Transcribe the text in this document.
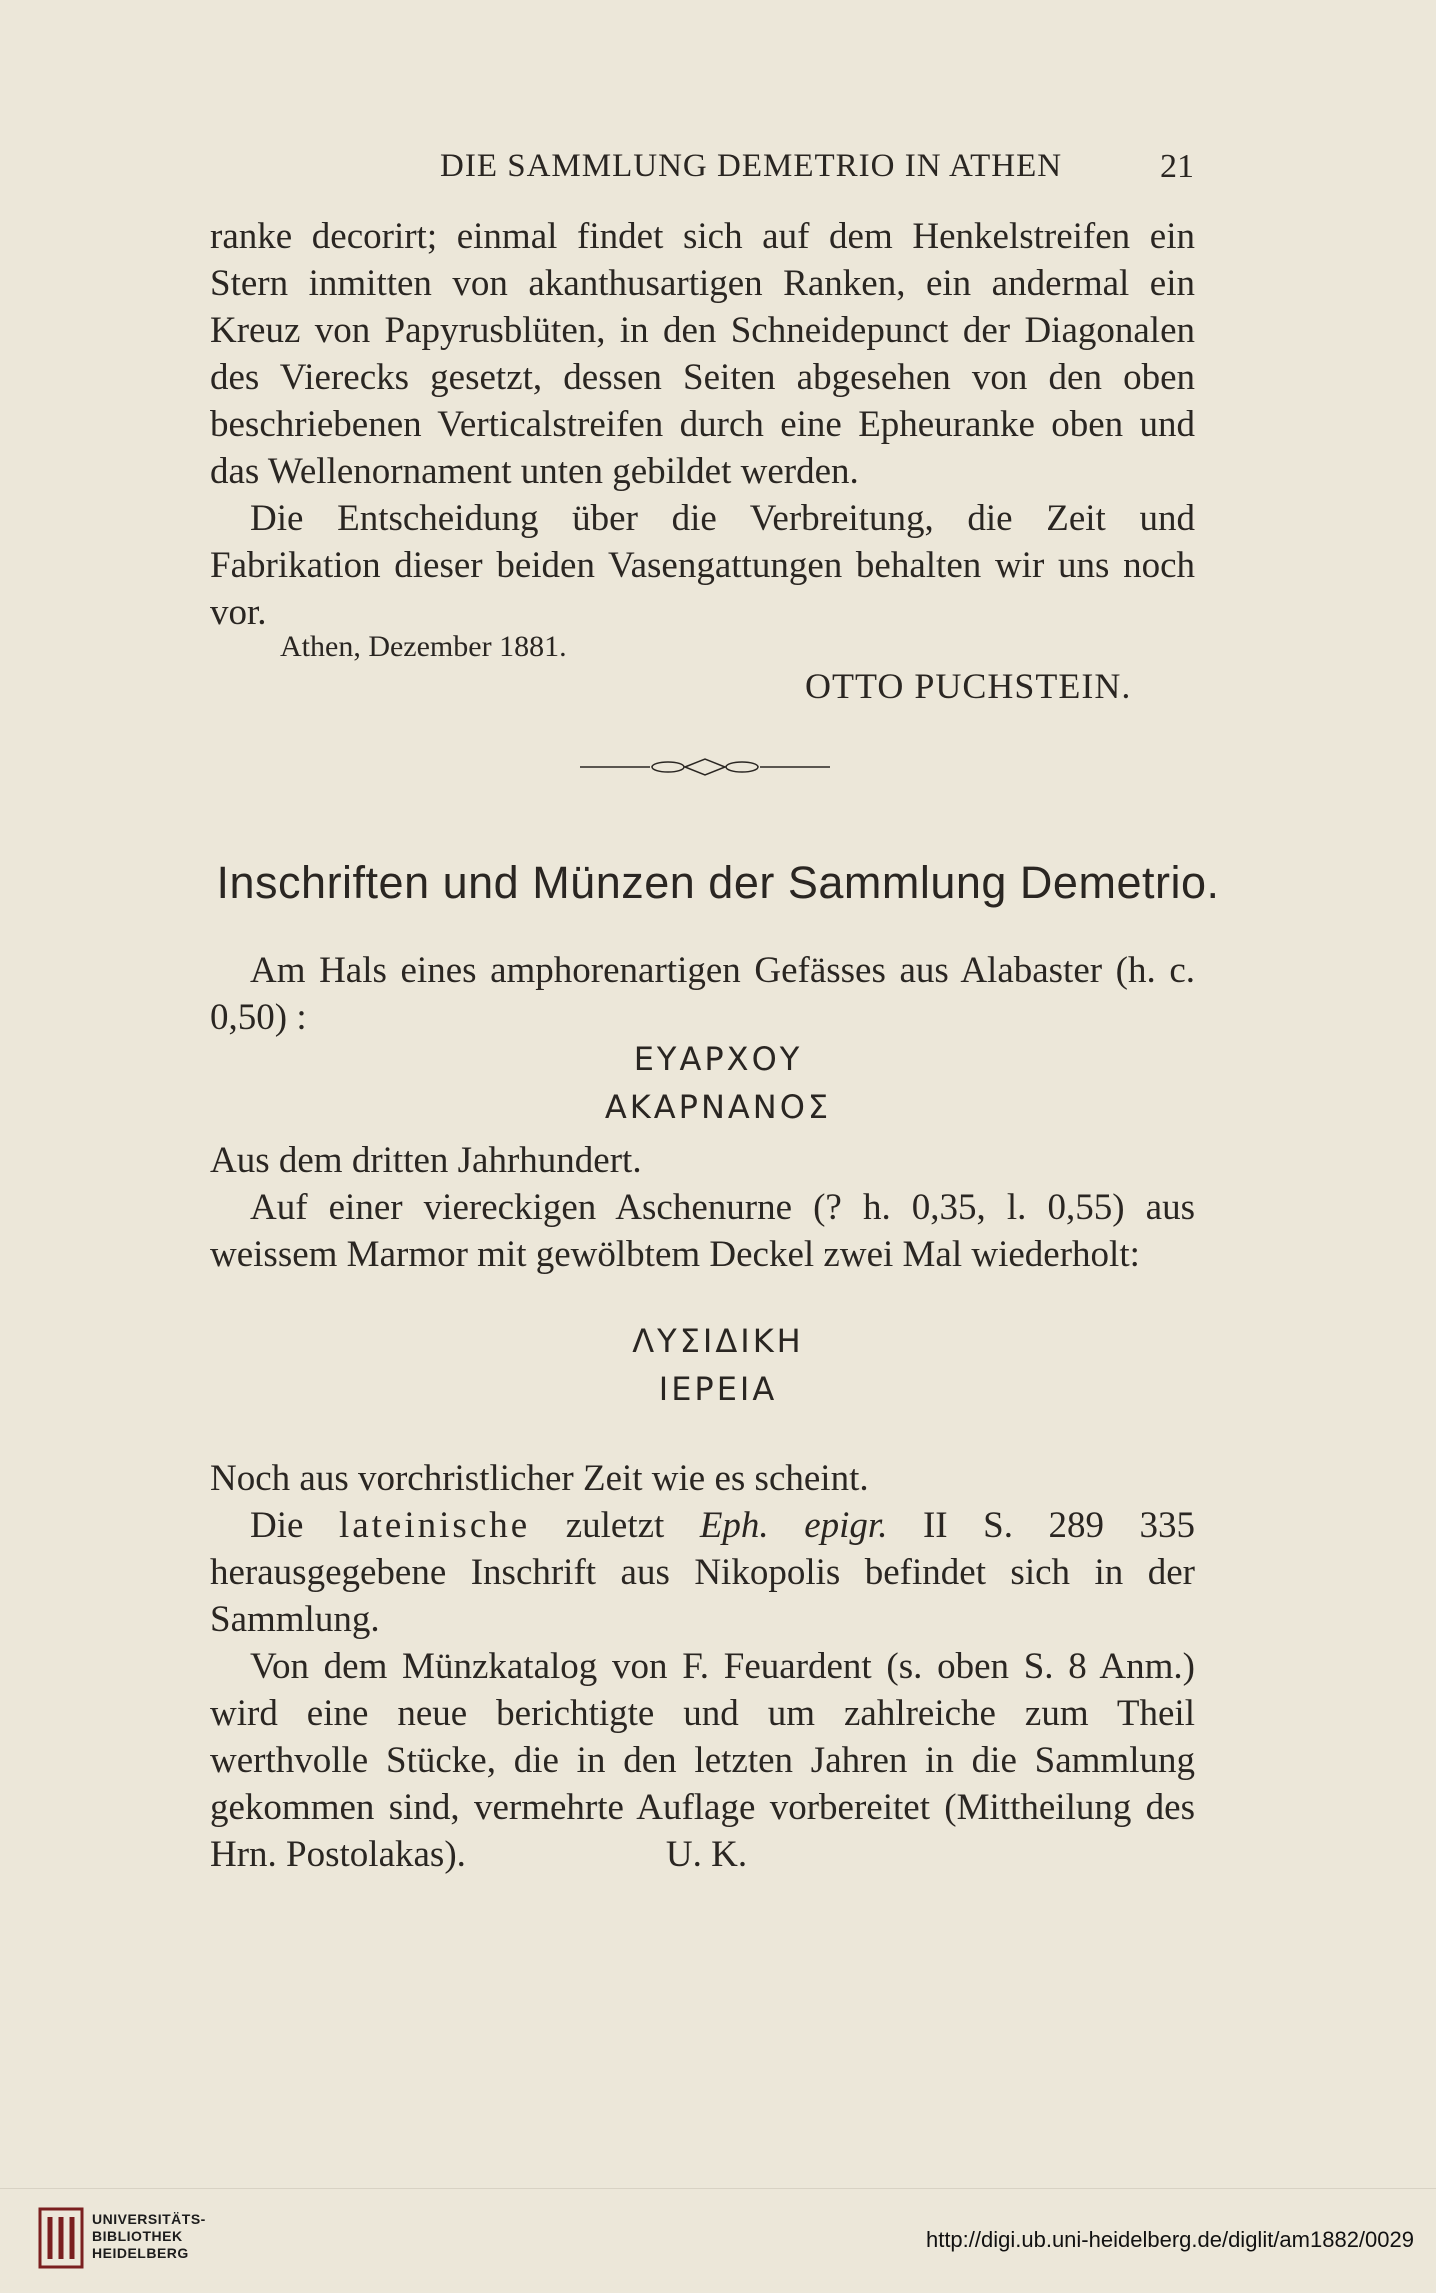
DIE SAMMLUNG DEMETRIO IN ATHEN	21

ranke decorirt; einmal findet sich auf dem Henkelstreifen ein Stern inmitten von akanthusartigen Ranken, ein andermal ein Kreuz von Papyrusblüten, in den Schneidepunct der Diagonalen des Vierecks gesetzt, dessen Seiten abgesehen von den oben beschriebenen Verticalstreifen durch eine Epheuranke oben und das Wellenornament unten gebildet werden.

Die Entscheidung über die Verbreitung, die Zeit und Fabrikation dieser beiden Vasengattungen behalten wir uns noch vor.

Athen, Dezember 1881.
OTTO PUCHSTEIN.
Inschriften und Münzen der Sammlung Demetrio.

Am Hals eines amphorenartigen Gefässes aus Alabaster (h. c. 0,50) :

ΕΥΑΡΧΟΥ
ΑΚΑΡΝΑΝΟΣ

Aus dem dritten Jahrhundert.

Auf einer viereckigen Aschenurne (? h. 0,35, l. 0,55) aus weissem Marmor mit gewölbtem Deckel zwei Mal wiederholt:

ΛΥΣΙΔΙΚΗ
ΙΕΡΕΙΑ

Noch aus vorchristlicher Zeit wie es scheint.

Die lateinische zuletzt Eph. epigr. II S. 289 335 herausgegebene Inschrift aus Nikopolis befindet sich in der Sammlung.

Von dem Münzkatalog von F. Feuardent (s. oben S. 8 Anm.) wird eine neue berichtigte und um zahlreiche zum Theil werthvolle Stücke, die in den letzten Jahren in die Sammlung gekommen sind, vermehrte Auflage vorbereitet (Mittheilung des Hrn. Postolakas).	U. K.

UNIVERSITÄTS-
BIBLIOTHEK
HEIDELBERG
http://digi.ub.uni-heidelberg.de/diglit/am1882/0029
